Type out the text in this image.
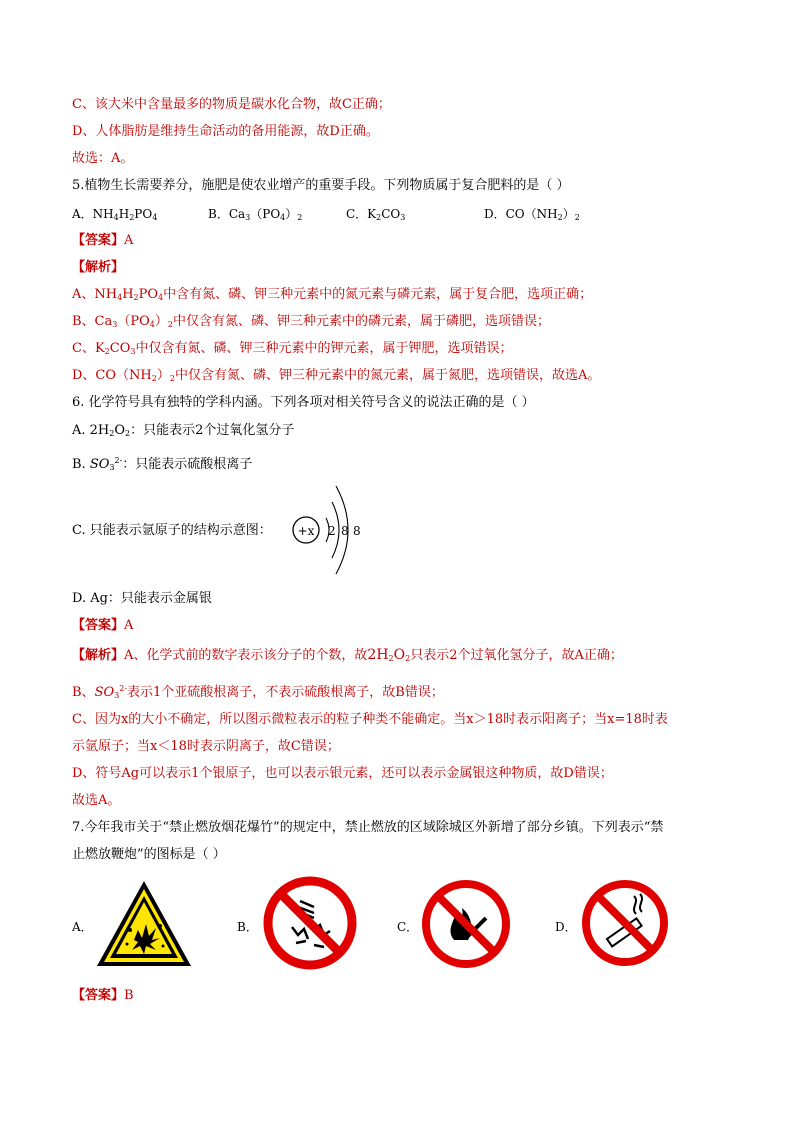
C、该大米中含量最多的物质是碳水化合物，故C正确；
D、人体脂肪是维持生命活动的备用能源，故D正确。
故选：A。
5.植物生长需要养分，施肥是使农业增产的重要手段。下列物质属于复合肥料的是（ ）
A．$NH_4H_2PO_4$	B．$Ca_3(PO_4)_2$	C．$K_2CO_3$	D．$CO(NH_2)_2$
【答案】A
【解析】
A、$NH_4H_2PO_4$中含有氮、磷、钾三种元素中的氮元素与磷元素，属于复合肥，选项正确；
B、$Ca_3(PO_4)_2$中仅含有氮、磷、钾三种元素中的磷元素，属于磷肥，选项错误；
C、$K_2CO_3$中仅含有氮、磷、钾三种元素中的钾元素，属于钾肥，选项错误；
D、$CO(NH_2)_2$中仅含有氮、磷、钾三种元素中的氮元素，属于氮肥，选项错误，故选A。
6. 化学符号具有独特的学科内涵。下列各项对相关符号含义的说法正确的是（ ）
A. $2H_2O_2$：只能表示2个过氧化氢分子
B. $SO_3^{2-}$：只能表示硫酸根离子
C. 只能表示氩原子的结构示意图： +x 2 8 8
D. Ag：只能表示金属银
【答案】A
【解析】A、化学式前的数字表示该分子的个数，故$2H_2O_2$只表示2个过氧化氢分子，故A正确；
B、$SO_3^{2-}$表示1个亚硫酸根离子，不表示硫酸根离子，故B错误；
C、因为x的大小不确定，所以图示微粒表示的粒子种类不能确定。当x＞18时表示阳离子；当x=18时表
示氩原子；当x＜18时表示阴离子，故C错误；
D、符号Ag可以表示1个银原子，也可以表示银元素，还可以表示金属银这种物质，故D错误；
故选A。
7.今年我市关于“禁止燃放烟花爆竹”的规定中，禁止燃放的区域除城区外新增了部分乡镇。下列表示“禁
止燃放鞭炮”的图标是（ ）
A．	B．	C．	D．
【答案】B
